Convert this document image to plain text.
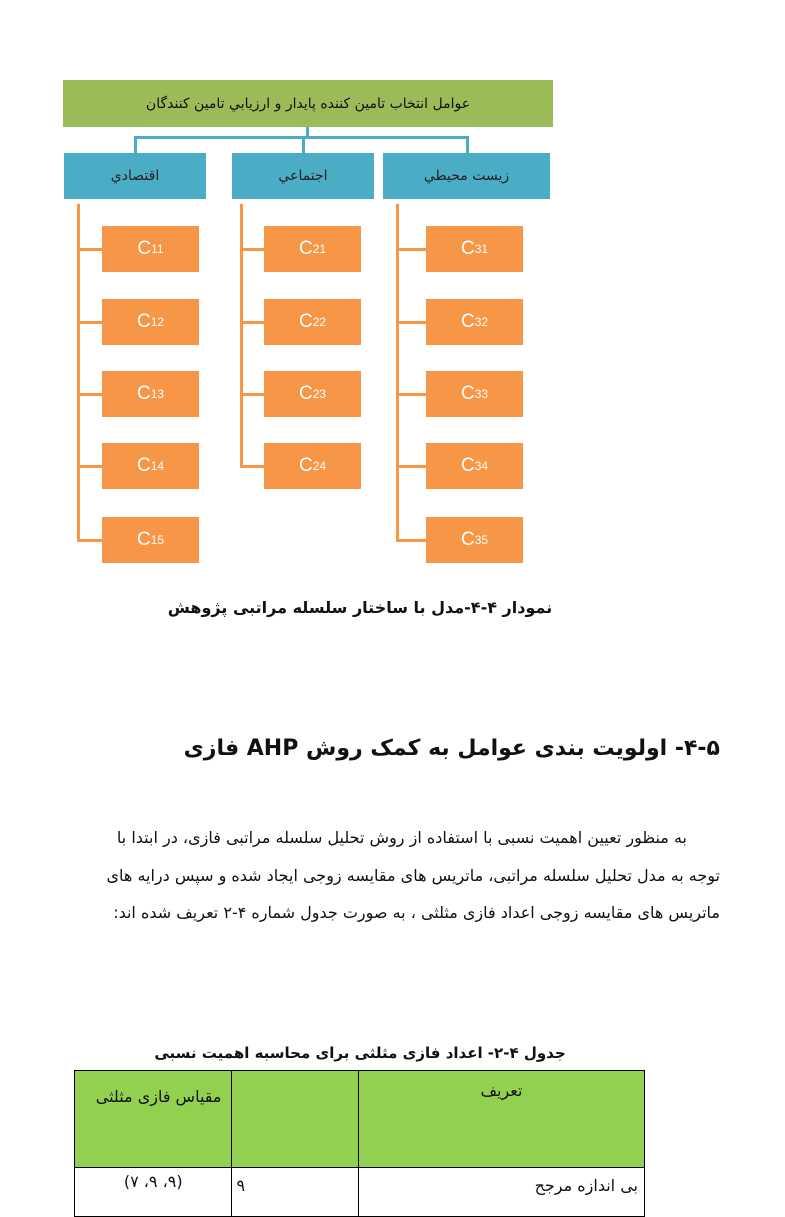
عوامل انتخاب تامين كننده پايدار و ارزيابي تامين كنندگان
اقتصادي	اجتماعي	زيست محيطي
C 11
C 12
C 13
C 14
C 15
C 21
C 22
C 23
C 24
C 31
C 32
C 33
C 34
C 35
نمودار ۴-۴-مدل با ساختار سلسله مراتبی پژوهش
۴-۵- اولویت بندی عوامل به کمک روش AHP فازی
به منظور تعیین اهمیت نسبی با استفاده از روش تحلیل سلسله مراتبی فازی، در ابتدا با
توجه به مدل تحلیل سلسله مراتبی، ماتریس های مقایسه زوجی ایجاد شده و سپس درایه های
ماتریس های مقایسه زوجی اعداد فازی مثلثی ، به صورت جدول شماره ۴-۲ تعریف شده اند:
جدول ۴-۲- اعداد فازی مثلثی برای محاسبه اهمیت نسبی
تعریف		مقیاس فازی مثلثی
بی اندازه مرجح	۹	(۹، ۹، ۷)
